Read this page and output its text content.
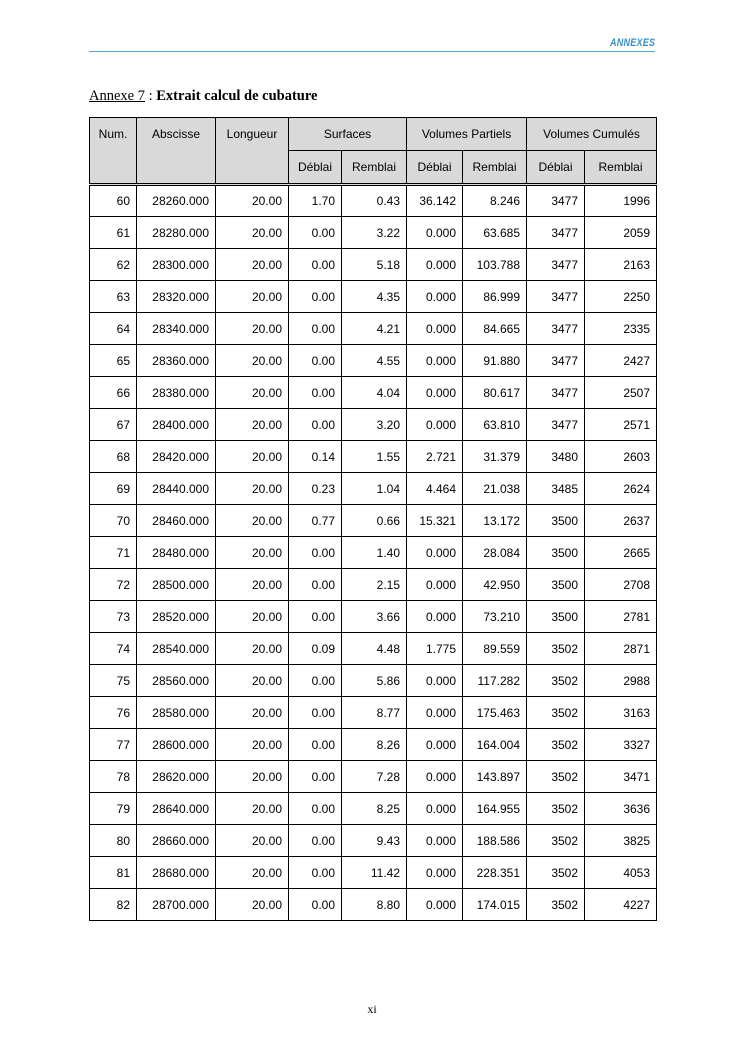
ANNEXES
Annexe 7 : Extrait calcul de cubature
Num.	Abscisse	Longueur	Surfaces		Volumes Partiels		Volumes Cumulés	
			Déblai	Remblai	Déblai	Remblai	Déblai	Remblai
60	28260.000	20.00	1.70	0.43	36.142	8.246	3477	1996
61	28280.000	20.00	0.00	3.22	0.000	63.685	3477	2059
62	28300.000	20.00	0.00	5.18	0.000	103.788	3477	2163
63	28320.000	20.00	0.00	4.35	0.000	86.999	3477	2250
64	28340.000	20.00	0.00	4.21	0.000	84.665	3477	2335
65	28360.000	20.00	0.00	4.55	0.000	91.880	3477	2427
66	28380.000	20.00	0.00	4.04	0.000	80.617	3477	2507
67	28400.000	20.00	0.00	3.20	0.000	63.810	3477	2571
68	28420.000	20.00	0.14	1.55	2.721	31.379	3480	2603
69	28440.000	20.00	0.23	1.04	4.464	21.038	3485	2624
70	28460.000	20.00	0.77	0.66	15.321	13.172	3500	2637
71	28480.000	20.00	0.00	1.40	0.000	28.084	3500	2665
72	28500.000	20.00	0.00	2.15	0.000	42.950	3500	2708
73	28520.000	20.00	0.00	3.66	0.000	73.210	3500	2781
74	28540.000	20.00	0.09	4.48	1.775	89.559	3502	2871
75	28560.000	20.00	0.00	5.86	0.000	117.282	3502	2988
76	28580.000	20.00	0.00	8.77	0.000	175.463	3502	3163
77	28600.000	20.00	0.00	8.26	0.000	164.004	3502	3327
78	28620.000	20.00	0.00	7.28	0.000	143.897	3502	3471
79	28640.000	20.00	0.00	8.25	0.000	164.955	3502	3636
80	28660.000	20.00	0.00	9.43	0.000	188.586	3502	3825
81	28680.000	20.00	0.00	11.42	0.000	228.351	3502	4053
82	28700.000	20.00	0.00	8.80	0.000	174.015	3502	4227
xi
